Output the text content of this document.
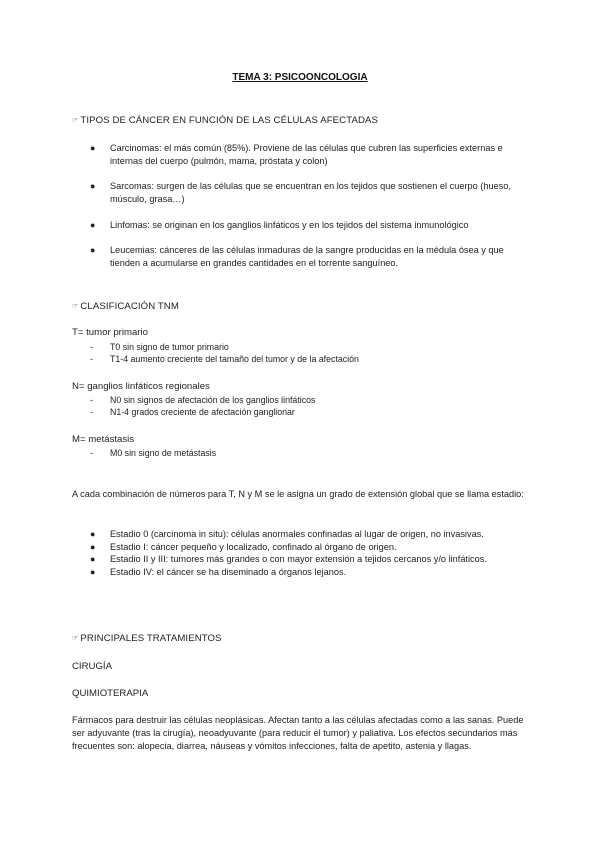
TEMA 3: PSICOONCOLOGIA
☞ TIPOS DE CÁNCER EN FUNCIÓN DE LAS CÉLULAS AFECTADAS
● Carcinomas: el más común (85%). Proviene de las células que cubren las superficies externas e internas del cuerpo (pulmón, mama, próstata y colon)
● Sarcomas: surgen de las células que se encuentran en los tejidos que sostienen el cuerpo (hueso, músculo, grasa…)
● Linfomas: se originan en los ganglios linfáticos y en los tejidos del sistema inmunológico
● Leucemias: cánceres de las células inmaduras de la sangre producidas en la médula ósea y que tienden a acumularse en grandes cantidades en el torrente sanguíneo.
☞ CLASIFICACIÓN TNM
T= tumor primario
- T0 sin signo de tumor primario
- T1-4 aumento creciente del tamaño del tumor y de la afectación
N= ganglios linfáticos regionales
- N0 sin signos de afectación de los ganglios linfáticos
- N1-4 grados creciente de afectación ganglionar
M= metástasis
- M0 sin signo de metástasis
A cada combinación de números para T, N y M se le asigna un grado de extensión global que se llama estadio:
● Estadio 0 (carcinoma in situ): células anormales confinadas al lugar de origen, no invasivas.
● Estadio I: cáncer pequeño y localizado, confinado al órgano de origen.
● Estadio II y III: tumores más grandes o con mayor extensión a tejidos cercanos y/o linfáticos.
● Estadio IV: el cáncer se ha diseminado a órganos lejanos.
☞ PRINCIPALES TRATAMIENTOS
CIRUGÍA
QUIMIOTERAPIA
Fármacos para destruir las células neoplásicas. Afectan tanto a las células afectadas como a las sanas. Puede ser adyuvante (tras la cirugía), neoadyuvante (para reducir el tumor) y paliativa. Los efectos secundarios más frecuentes son: alopecia, diarrea, náuseas y vómitos infecciones, falta de apetito, astenia y llagas.
